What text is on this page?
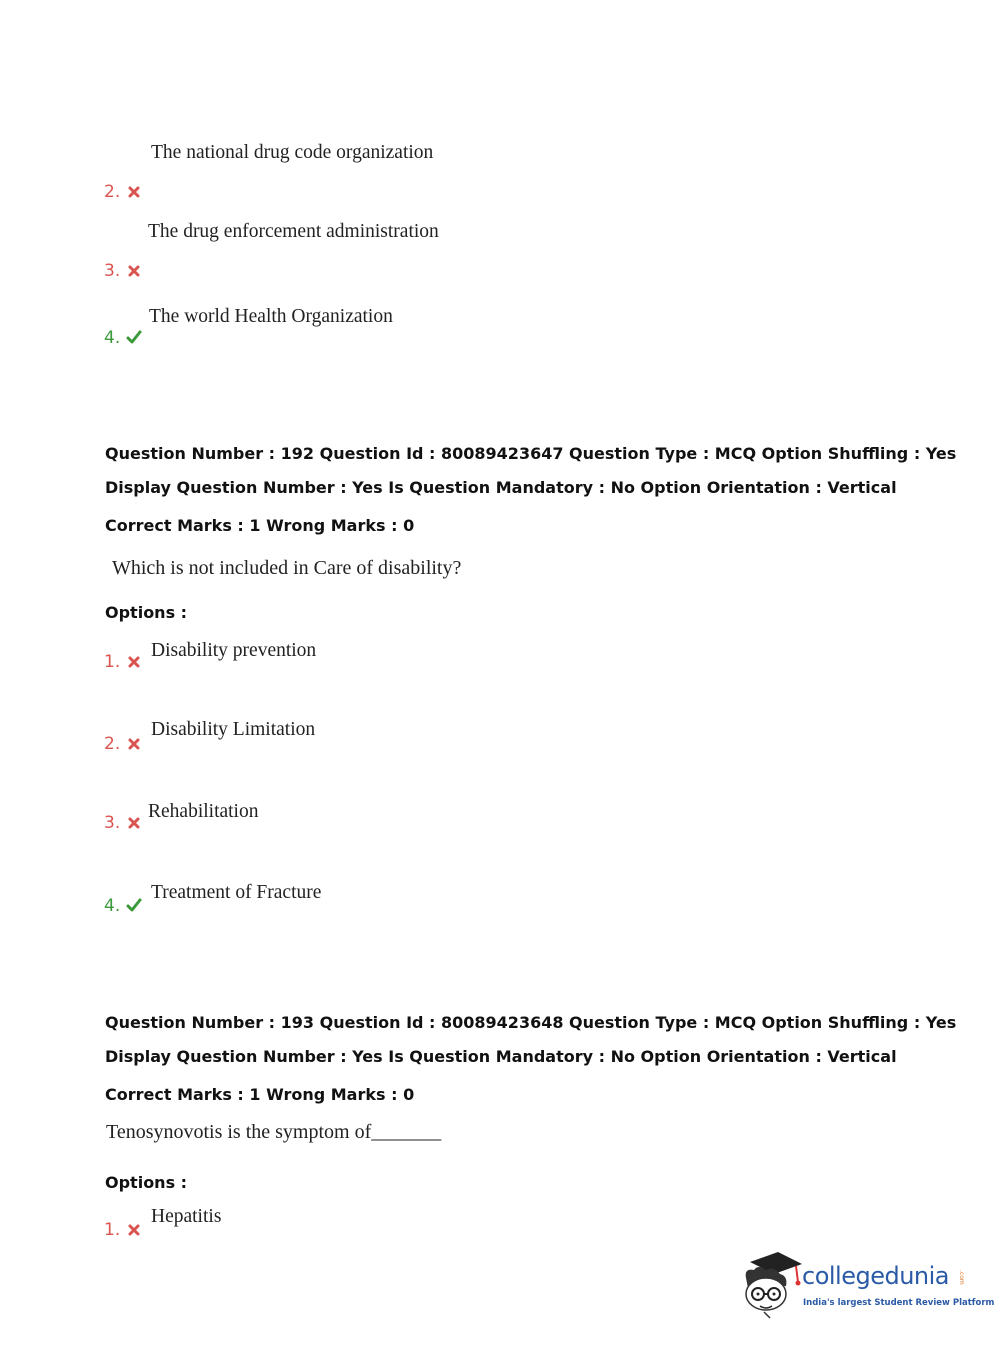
2.
The national drug code organization
3.
The drug enforcement administration
4.
The world Health Organization
Question Number : 192 Question Id : 80089423647 Question Type : MCQ Option Shuffling : Yes
Display Question Number : Yes Is Question Mandatory : No Option Orientation : Vertical
Correct Marks : 1 Wrong Marks : 0
Which is not included in Care of disability?
Options :
1.
Disability prevention
2.
Disability Limitation
3.
Rehabilitation
4.
Treatment of Fracture
Question Number : 193 Question Id : 80089423648 Question Type : MCQ Option Shuffling : Yes
Display Question Number : Yes Is Question Mandatory : No Option Orientation : Vertical
Correct Marks : 1 Wrong Marks : 0
Tenosynovotis is the symptom of_______
Options :
1.
Hepatitis
collegedunia .com
India's largest Student Review Platform
